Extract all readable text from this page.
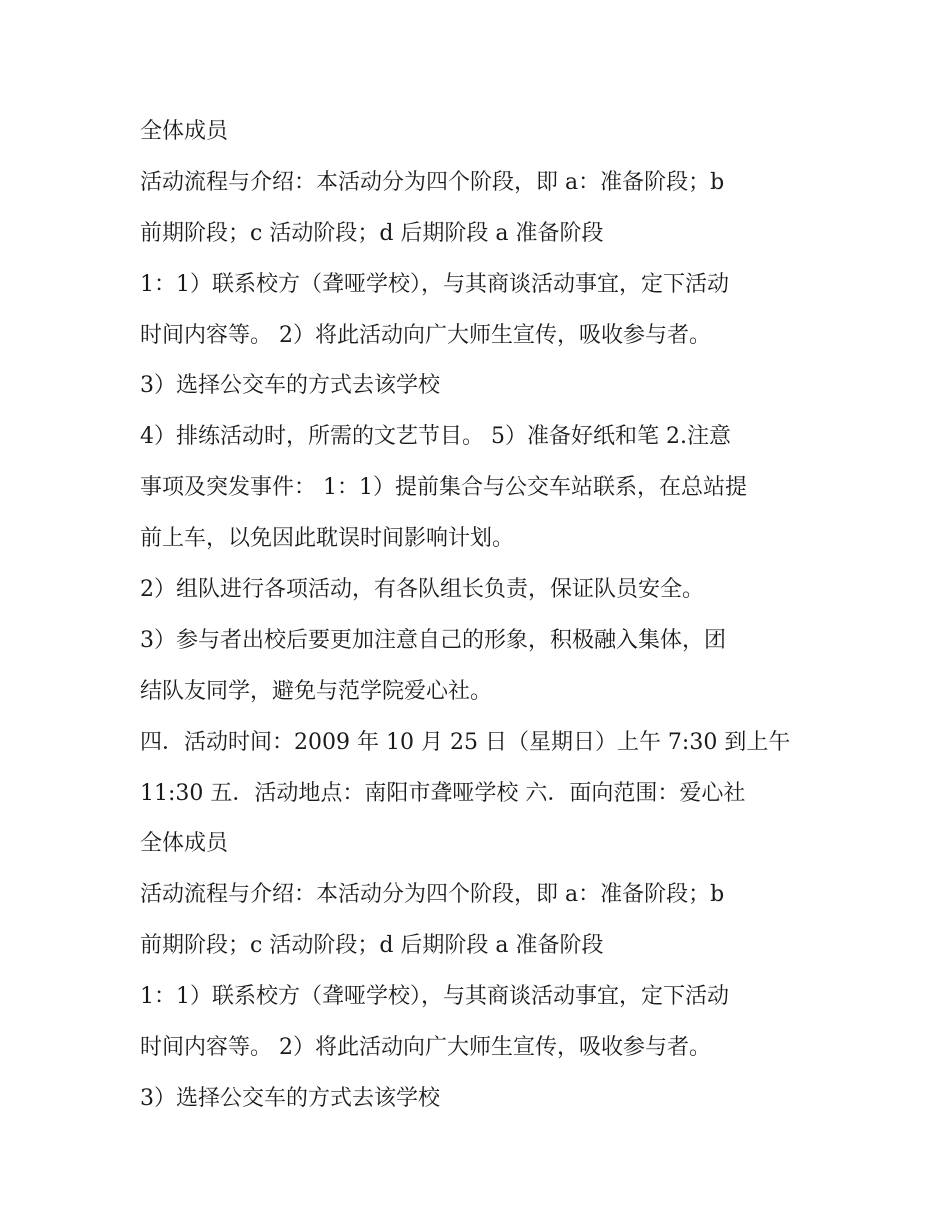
全体成员
活动流程与介绍：本活动分为四个阶段，即 a：准备阶段；b
前期阶段；c 活动阶段；d 后期阶段 a 准备阶段
1：1）联系校方（聋哑学校），与其商谈活动事宜，定下活动
时间内容等。 2）将此活动向广大师生宣传，吸收参与者。
3）选择公交车的方式去该学校
4）排练活动时，所需的文艺节目。 5）准备好纸和笔 2.注意
事项及突发事件： 1：1）提前集合与公交车站联系，在总站提
前上车，以免因此耽误时间影响计划。
2）组队进行各项活动，有各队组长负责，保证队员安全。
3）参与者出校后要更加注意自己的形象，积极融入集体，团
结队友同学，避免与范学院爱心社。
四．活动时间：2009 年 10 月 25 日（星期日）上午 7:30 到上午
11:30 五．活动地点：南阳市聋哑学校 六．面向范围：爱心社
全体成员
活动流程与介绍：本活动分为四个阶段，即 a：准备阶段；b
前期阶段；c 活动阶段；d 后期阶段 a 准备阶段
1：1）联系校方（聋哑学校），与其商谈活动事宜，定下活动
时间内容等。 2）将此活动向广大师生宣传，吸收参与者。
3）选择公交车的方式去该学校
